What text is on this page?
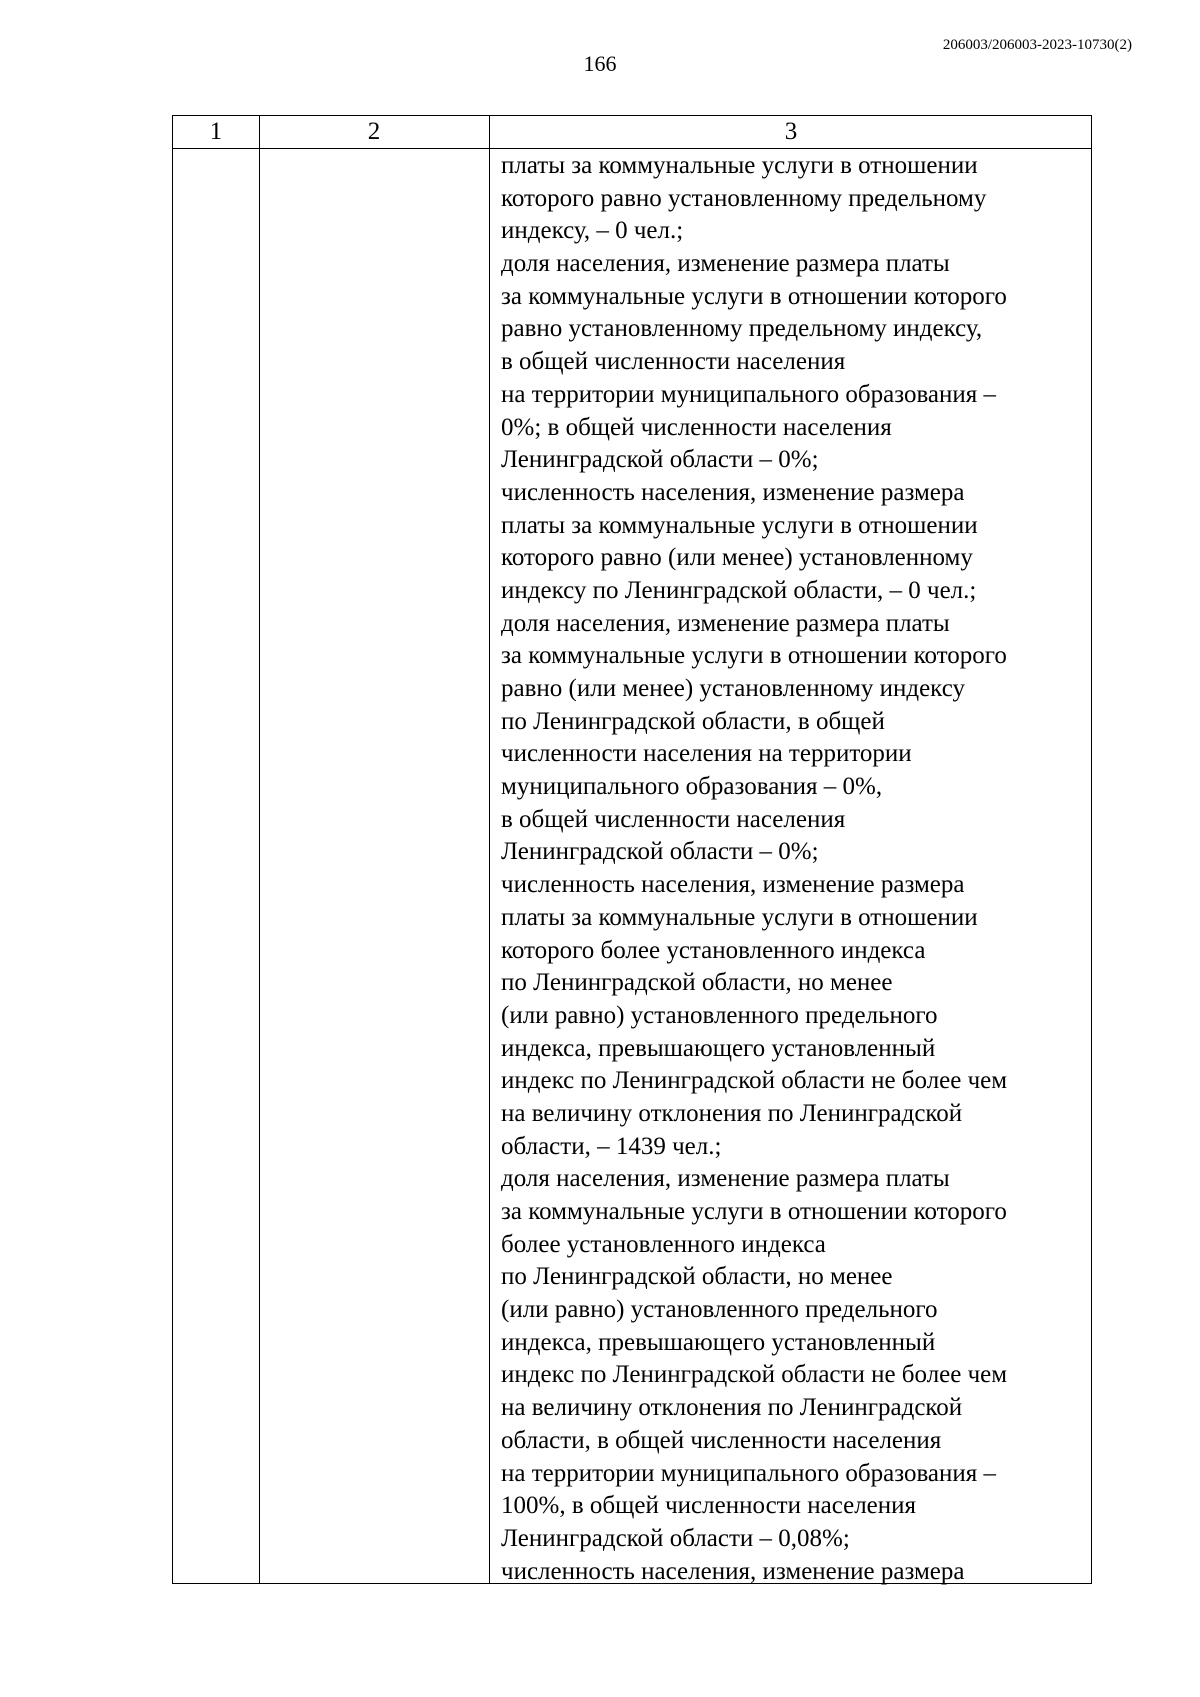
206003/206003-2023-10730(2)
166
1	2	3
платы за коммунальные услуги в отношении
которого равно установленному предельному
индексу, – 0 чел.;
доля населения, изменение размера платы
за коммунальные услуги в отношении которого
равно установленному предельному индексу,
в общей численности населения
на территории муниципального образования –
0%; в общей численности населения
Ленинградской области – 0%;
численность населения, изменение размера
платы за коммунальные услуги в отношении
которого равно (или менее) установленному
индексу по Ленинградской области, – 0 чел.;
доля населения, изменение размера платы
за коммунальные услуги в отношении которого
равно (или менее) установленному индексу
по Ленинградской области, в общей
численности населения на территории
муниципального образования – 0%,
в общей численности населения
Ленинградской области – 0%;
численность населения, изменение размера
платы за коммунальные услуги в отношении
которого более установленного индекса
по Ленинградской области, но менее
(или равно) установленного предельного
индекса, превышающего установленный
индекс по Ленинградской области не более чем
на величину отклонения по Ленинградской
области, – 1439 чел.;
доля населения, изменение размера платы
за коммунальные услуги в отношении которого
более установленного индекса
по Ленинградской области, но менее
(или равно) установленного предельного
индекса, превышающего установленный
индекс по Ленинградской области не более чем
на величину отклонения по Ленинградской
области, в общей численности населения
на территории муниципального образования –
100%, в общей численности населения
Ленинградской области – 0,08%;
численность населения, изменение размера
